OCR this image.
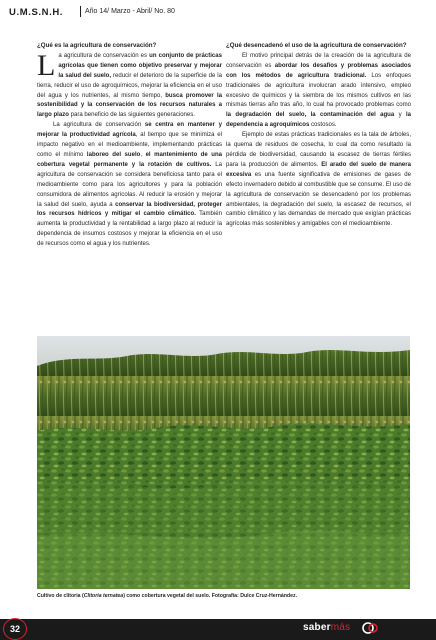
U.M.S.N.H.	Año 14/ Marzo - Abril/ No. 80
¿Qué es la agricultura de conservación?

La agricultura de conservación es un conjunto de prácticas agrícolas que tienen como objetivo preservar y mejorar la salud del suelo, reducir el deterioro de la superficie de la tierra, reducir el uso de agroquímicos, mejorar la eficiencia en el uso del agua y los nutrientes, al mismo tiempo, busca promover la sostenibilidad y la conservación de los recursos naturales a largo plazo para beneficio de las siguientes generaciones.

La agricultura de conservación se centra en mantener y mejorar la productividad agrícola, al tiempo que se minimiza el impacto negativo en el medioambiente, implementando prácticas como el mínimo laboreo del suelo, el mantenimiento de una cobertura vegetal permanente y la rotación de cultivos. La agricultura de conservación se considera beneficiosa tanto para el medioambiente como para los agricultores y para la población consumidora de alimentos agrícolas. Al reducir la erosión y mejorar la salud del suelo, ayuda a conservar la biodiversidad, proteger los recursos hídricos y mitigar el cambio climático. También aumenta la productividad y la rentabilidad a largo plazo al reducir la dependencia de insumos costosos y mejorar la eficiencia en el uso de recursos como el agua y los nutrientes.

¿Qué desencadenó el uso de la agricultura de conservación?

El motivo principal detrás de la creación de la agricultura de conservación es abordar los desafíos y problemas asociados con los métodos de agricultura tradicional. Los enfoques tradicionales de agricultura involucran arado intensivo, empleo excesivo de químicos y la siembra de los mismos cultivos en las mismas tierras año tras año, lo cual ha provocado problemas como la degradación del suelo, la contaminación del agua y la dependencia a agroquímicos costosos.

Ejemplo de estas prácticas tradicionales es la tala de árboles, la quema de residuos de cosecha, lo cual da como resultado la pérdida de biodiversidad, causando la escasez de tierras fértiles para la producción de alimentos. El arado del suelo de manera excesiva es una fuente significativa de emisiones de gases de efecto invernadero debido al combustible que se consume. El uso de la agricultura de conservación se desencadenó por los problemas ambientales, la degradación del suelo, la escasez de recursos, el cambio climático y las demandas de mercado que exigían prácticas agrícolas más sostenibles y amigables con el medioambiente.

Cultivo de clitoria (Clitoria ternatea) como cobertura vegetal del suelo. Fotografía: Dulce Cruz-Hernández.
32	sabermás
